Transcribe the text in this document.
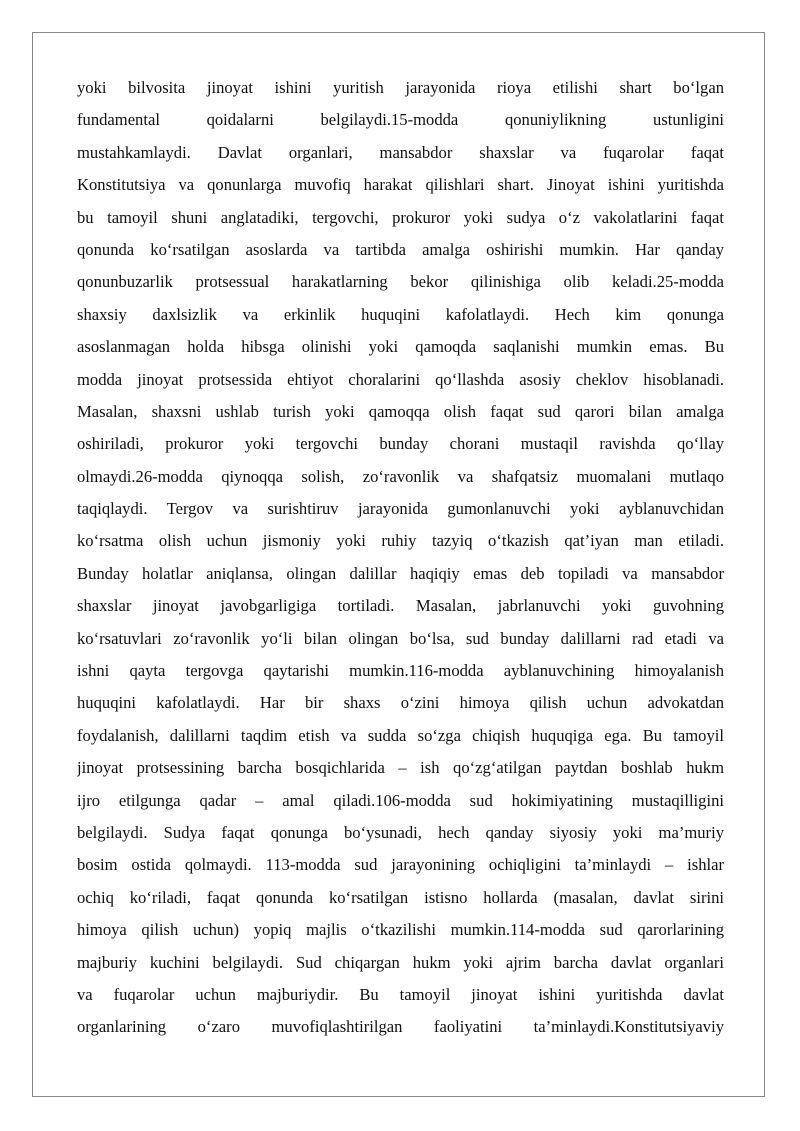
yoki bilvosita jinoyat ishini yuritish jarayonida rioya etilishi shart bo‘lgan
fundamental qoidalarni belgilaydi.15-modda qonuniylikning ustunligini
mustahkamlaydi. Davlat organlari, mansabdor shaxslar va fuqarolar faqat
Konstitutsiya va qonunlarga muvofiq harakat qilishlari shart. Jinoyat ishini yuritishda
bu tamoyil shuni anglatadiki, tergovchi, prokuror yoki sudya o‘z vakolatlarini faqat
qonunda ko‘rsatilgan asoslarda va tartibda amalga oshirishi mumkin. Har qanday
qonunbuzarlik protsessual harakatlarning bekor qilinishiga olib keladi.25-modda
shaxsiy daxlsizlik va erkinlik huquqini kafolatlaydi. Hech kim qonunga
asoslanmagan holda hibsga olinishi yoki qamoqda saqlanishi mumkin emas. Bu
modda jinoyat protsessida ehtiyot choralarini qo‘llashda asosiy cheklov hisoblanadi.
Masalan, shaxsni ushlab turish yoki qamoqqa olish faqat sud qarori bilan amalga
oshiriladi, prokuror yoki tergovchi bunday chorani mustaqil ravishda qo‘llay
olmaydi.26-modda qiynoqqa solish, zo‘ravonlik va shafqatsiz muomalani mutlaqo
taqiqlaydi. Tergov va surishtiruv jarayonida gumonlanuvchi yoki ayblanuvchidan
ko‘rsatma olish uchun jismoniy yoki ruhiy tazyiq o‘tkazish qat’iyan man etiladi.
Bunday holatlar aniqlansa, olingan dalillar haqiqiy emas deb topiladi va mansabdor
shaxslar jinoyat javobgarligiga tortiladi. Masalan, jabrlanuvchi yoki guvohning
ko‘rsatuvlari zo‘ravonlik yo‘li bilan olingan bo‘lsa, sud bunday dalillarni rad etadi va
ishni qayta tergovga qaytarishi mumkin.116-modda ayblanuvchining himoyalanish
huquqini kafolatlaydi. Har bir shaxs o‘zini himoya qilish uchun advokatdan
foydalanish, dalillarni taqdim etish va sudda so‘zga chiqish huquqiga ega. Bu tamoyil
jinoyat protsessining barcha bosqichlarida – ish qo‘zg‘atilgan paytdan boshlab hukm
ijro etilgunga qadar – amal qiladi.106-modda sud hokimiyatining mustaqilligini
belgilaydi. Sudya faqat qonunga bo‘ysunadi, hech qanday siyosiy yoki ma’muriy
bosim ostida qolmaydi. 113-modda sud jarayonining ochiqligini ta’minlaydi – ishlar
ochiq ko‘riladi, faqat qonunda ko‘rsatilgan istisno hollarda (masalan, davlat sirini
himoya qilish uchun) yopiq majlis o‘tkazilishi mumkin.114-modda sud qarorlarining
majburiy kuchini belgilaydi. Sud chiqargan hukm yoki ajrim barcha davlat organlari
va fuqarolar uchun majburiydir. Bu tamoyil jinoyat ishini yuritishda davlat
organlarining o‘zaro muvofiqlashtirilgan faoliyatini ta’minlaydi.Konstitutsiyaviy
